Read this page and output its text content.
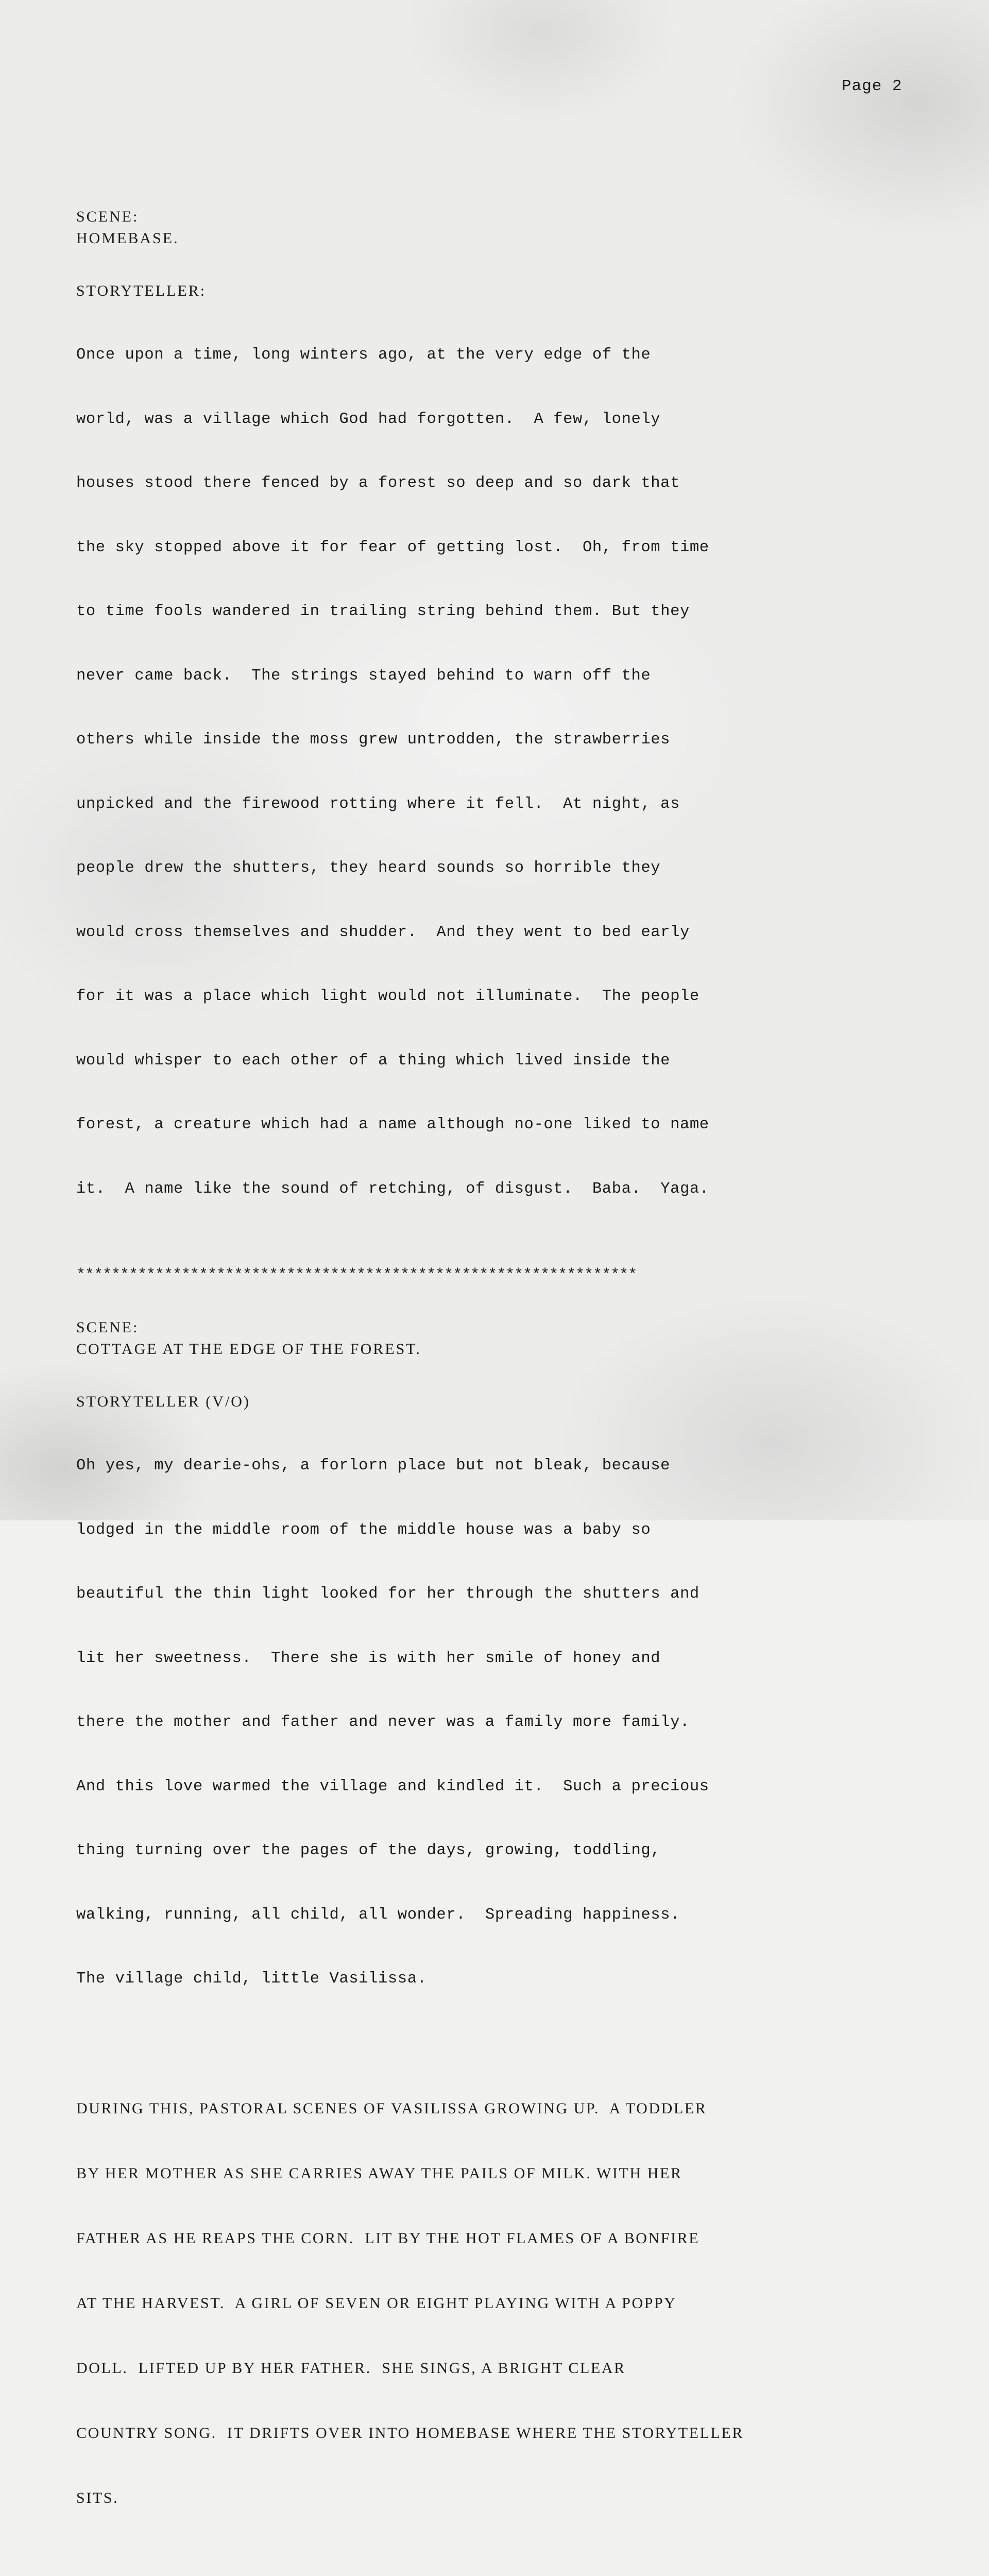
Page 2
SCENE:
HOMEBASE.
STORYTELLER:

Once upon a time, long winters ago, at the very edge of the

world, was a village which God had forgotten.  A few, lonely

houses stood there fenced by a forest so deep and so dark that

the sky stopped above it for fear of getting lost.  Oh, from time

to time fools wandered in trailing string behind them. But they

never came back.  The strings stayed behind to warn off the

others while inside the moss grew untrodden, the strawberries

unpicked and the firewood rotting where it fell.  At night, as

people drew the shutters, they heard sounds so horrible they

would cross themselves and shudder.  And they went to bed early

for it was a place which light would not illuminate.  The people

would whisper to each other of a thing which lived inside the

forest, a creature which had a name although no-one liked to name

it.  A name like the sound of retching, of disgust.  Baba.  Yaga.

****************************************************************
SCENE:
COTTAGE AT THE EDGE OF THE FOREST.
STORYTELLER (V/O)

Oh yes, my dearie-ohs, a forlorn place but not bleak, because

lodged in the middle room of the middle house was a baby so

beautiful the thin light looked for her through the shutters and

lit her sweetness.  There she is with her smile of honey and

there the mother and father and never was a family more family.

And this love warmed the village and kindled it.  Such a precious

thing turning over the pages of the days, growing, toddling,

walking, running, all child, all wonder.  Spreading happiness.

The village child, little Vasilissa.

DURING THIS, PASTORAL SCENES OF VASILISSA GROWING UP.  A TODDLER

BY HER MOTHER AS SHE CARRIES AWAY THE PAILS OF MILK. WITH HER

FATHER AS HE REAPS THE CORN.  LIT BY THE HOT FLAMES OF A BONFIRE

AT THE HARVEST.  A GIRL OF SEVEN OR EIGHT PLAYING WITH A POPPY

DOLL.  LIFTED UP BY HER FATHER.  SHE SINGS, A BRIGHT CLEAR

COUNTRY SONG.  IT DRIFTS OVER INTO HOMEBASE WHERE THE STORYTELLER

SITS.
